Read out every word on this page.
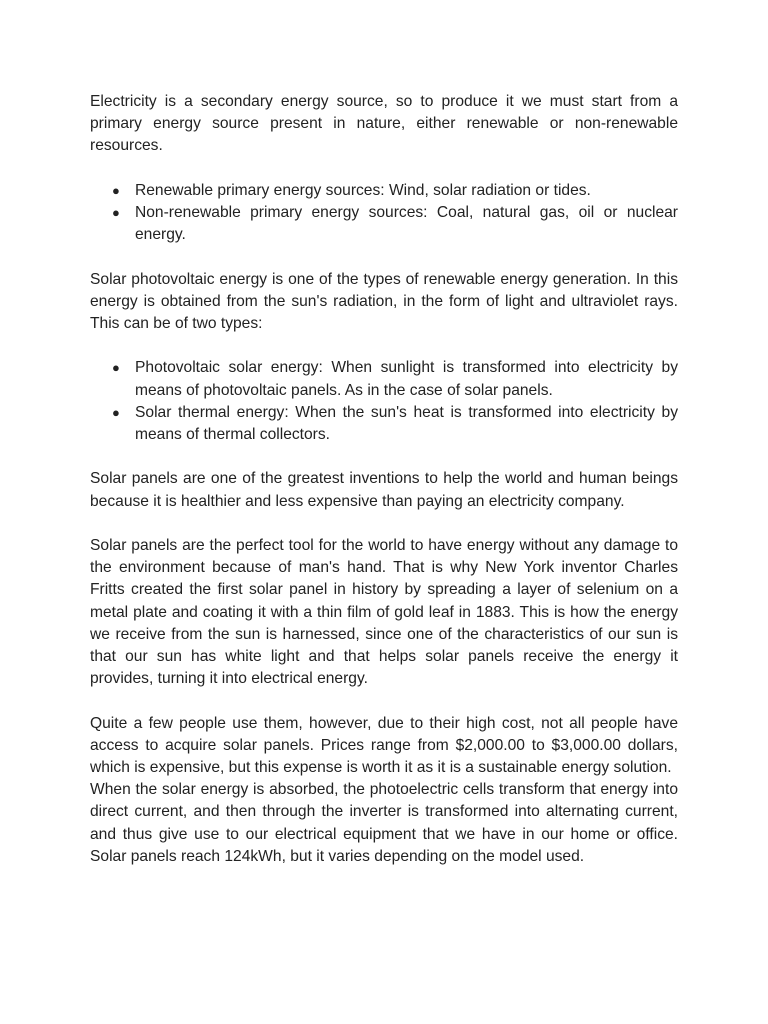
Electricity is a secondary energy source, so to produce it we must start from a primary energy source present in nature, either renewable or non-renewable resources.

● Renewable primary energy sources: Wind, solar radiation or tides.
● Non-renewable primary energy sources: Coal, natural gas, oil or nuclear energy.

Solar photovoltaic energy is one of the types of renewable energy generation. In this energy is obtained from the sun's radiation, in the form of light and ultraviolet rays. This can be of two types:

● Photovoltaic solar energy: When sunlight is transformed into electricity by means of photovoltaic panels. As in the case of solar panels.
● Solar thermal energy: When the sun's heat is transformed into electricity by means of thermal collectors.

Solar panels are one of the greatest inventions to help the world and human beings because it is healthier and less expensive than paying an electricity company.

Solar panels are the perfect tool for the world to have energy without any damage to the environment because of man's hand. That is why New York inventor Charles Fritts created the first solar panel in history by spreading a layer of selenium on a metal plate and coating it with a thin film of gold leaf in 1883. This is how the energy we receive from the sun is harnessed, since one of the characteristics of our sun is that our sun has white light and that helps solar panels receive the energy it provides, turning it into electrical energy.

Quite a few people use them, however, due to their high cost, not all people have access to acquire solar panels. Prices range from $2,000.00 to $3,000.00 dollars, which is expensive, but this expense is worth it as it is a sustainable energy solution.

When the solar energy is absorbed, the photoelectric cells transform that energy into direct current, and then through the inverter is transformed into alternating current, and thus give use to our electrical equipment that we have in our home or office. Solar panels reach 124kWh, but it varies depending on the model used.
